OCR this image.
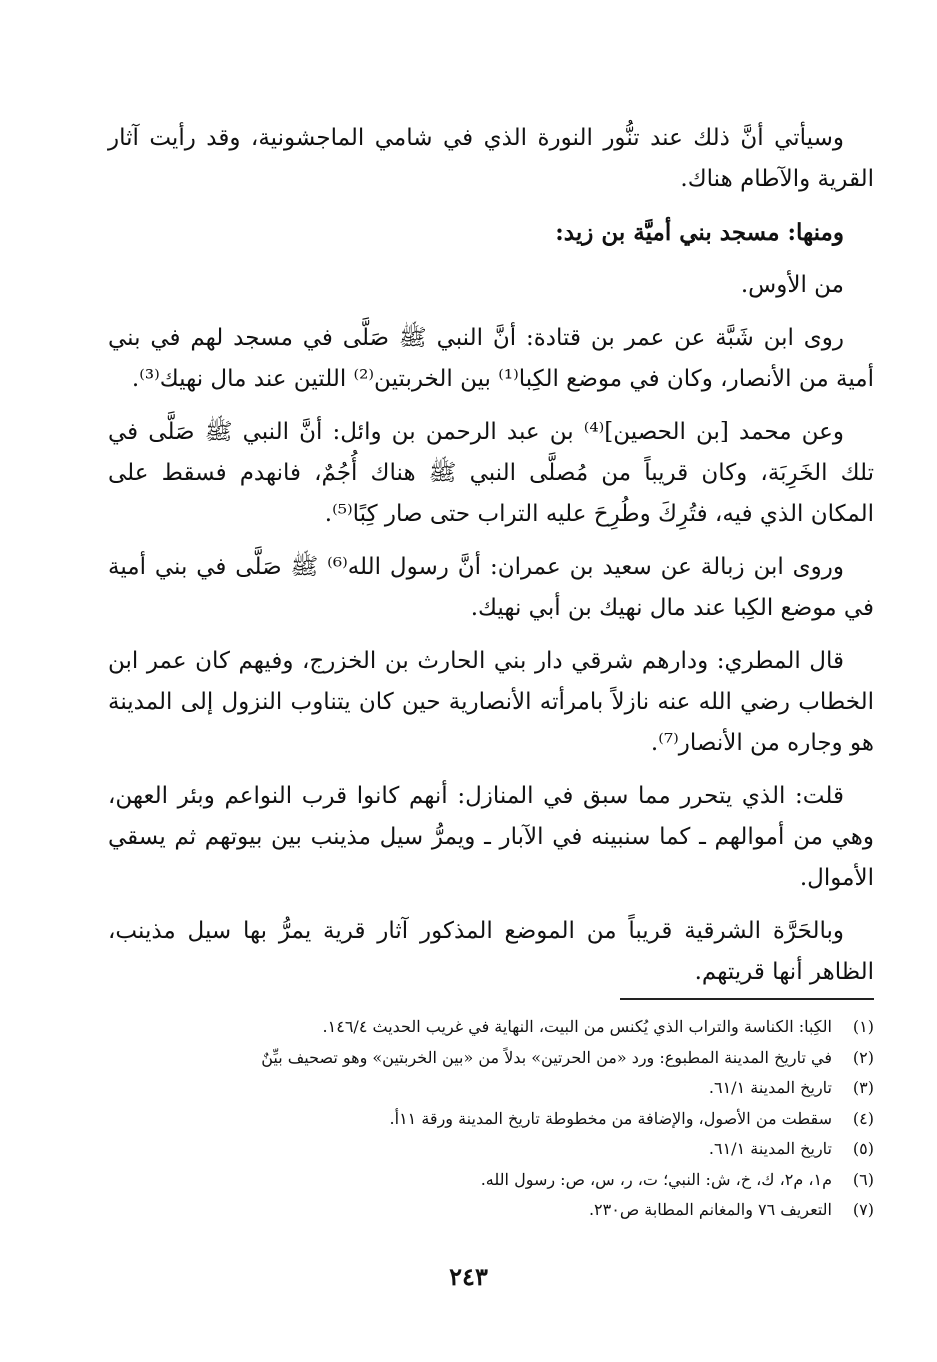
وسيأتي أنَّ ذلك عند تنُّور النورة الذي في شامي الماجشونية، وقد رأيت آثار القرية والآطام هناك.

ومنها: مسجد بني أميَّة بن زيد:

من الأوس.

روى ابن شَبَّة عن عمر بن قتادة: أنَّ النبي ﷺ صَلَّى في مسجد لهم في بني أمية من الأنصار، وكان في موضع الكِبا⁽¹⁾ بين الخربتين⁽²⁾ اللتين عند مال نهيك⁽³⁾.

وعن محمد [بن الحصين]⁽⁴⁾ بن عبد الرحمن بن وائل: أنَّ النبي ﷺ صَلَّى في تلك الخَرِبَة، وكان قريباً من مُصلَّى النبي ﷺ هناك أُجُمٌ، فانهدم فسقط على المكان الذي فيه، فتُرِكَ وطُرِحَ عليه التراب حتى صار كِبًا⁽⁵⁾.

وروى ابن زبالة عن سعيد بن عمران: أنَّ رسول الله⁽⁶⁾ ﷺ صَلَّى في بني أمية في موضع الكِبا عند مال نهيك بن أبي نهيك.

قال المطري: ودارهم شرقي دار بني الحارث بن الخزرج، وفيهم كان عمر ابن الخطاب رضي الله عنه نازلاً بامرأته الأنصارية حين كان يتناوب النزول إلى المدينة هو وجاره من الأنصار⁽⁷⁾.

قلت: الذي يتحرر مما سبق في المنازل: أنهم كانوا قرب النواعم وبئر العهن، وهي من أموالهم ـ كما سنبينه في الآبار ـ ويمرُّ سيل مذينب بين بيوتهم ثم يسقي الأموال.

وبالحَرَّة الشرقية قريباً من الموضع المذكور آثار قرية يمرُّ بها سيل مذينب، الظاهر أنها قريتهم.

(١)
الكِبا: الكناسة والتراب الذي يُكنس من البيت، النهاية في غريب الحديث ١٤٦/٤.
(٢)
في تاريخ المدينة المطبوع: ورد «من الحرتين» بدلاً من «بين الخربتين» وهو تصحيف بيِّنٌ
(٣)
تاريخ المدينة ٦١/١.
(٤)
سقطت من الأصول، والإضافة من مخطوطة تاريخ المدينة ورقة ١١أ.
(٥)
تاريخ المدينة ٦١/١.
(٦)
م١، م٢، ك، خ، ش: النبي؛ ت، ر، س، ص: رسول الله.
(٧)
التعريف ٧٦ والمغانم المطابة ص٢٣٠.
٢٤٣
